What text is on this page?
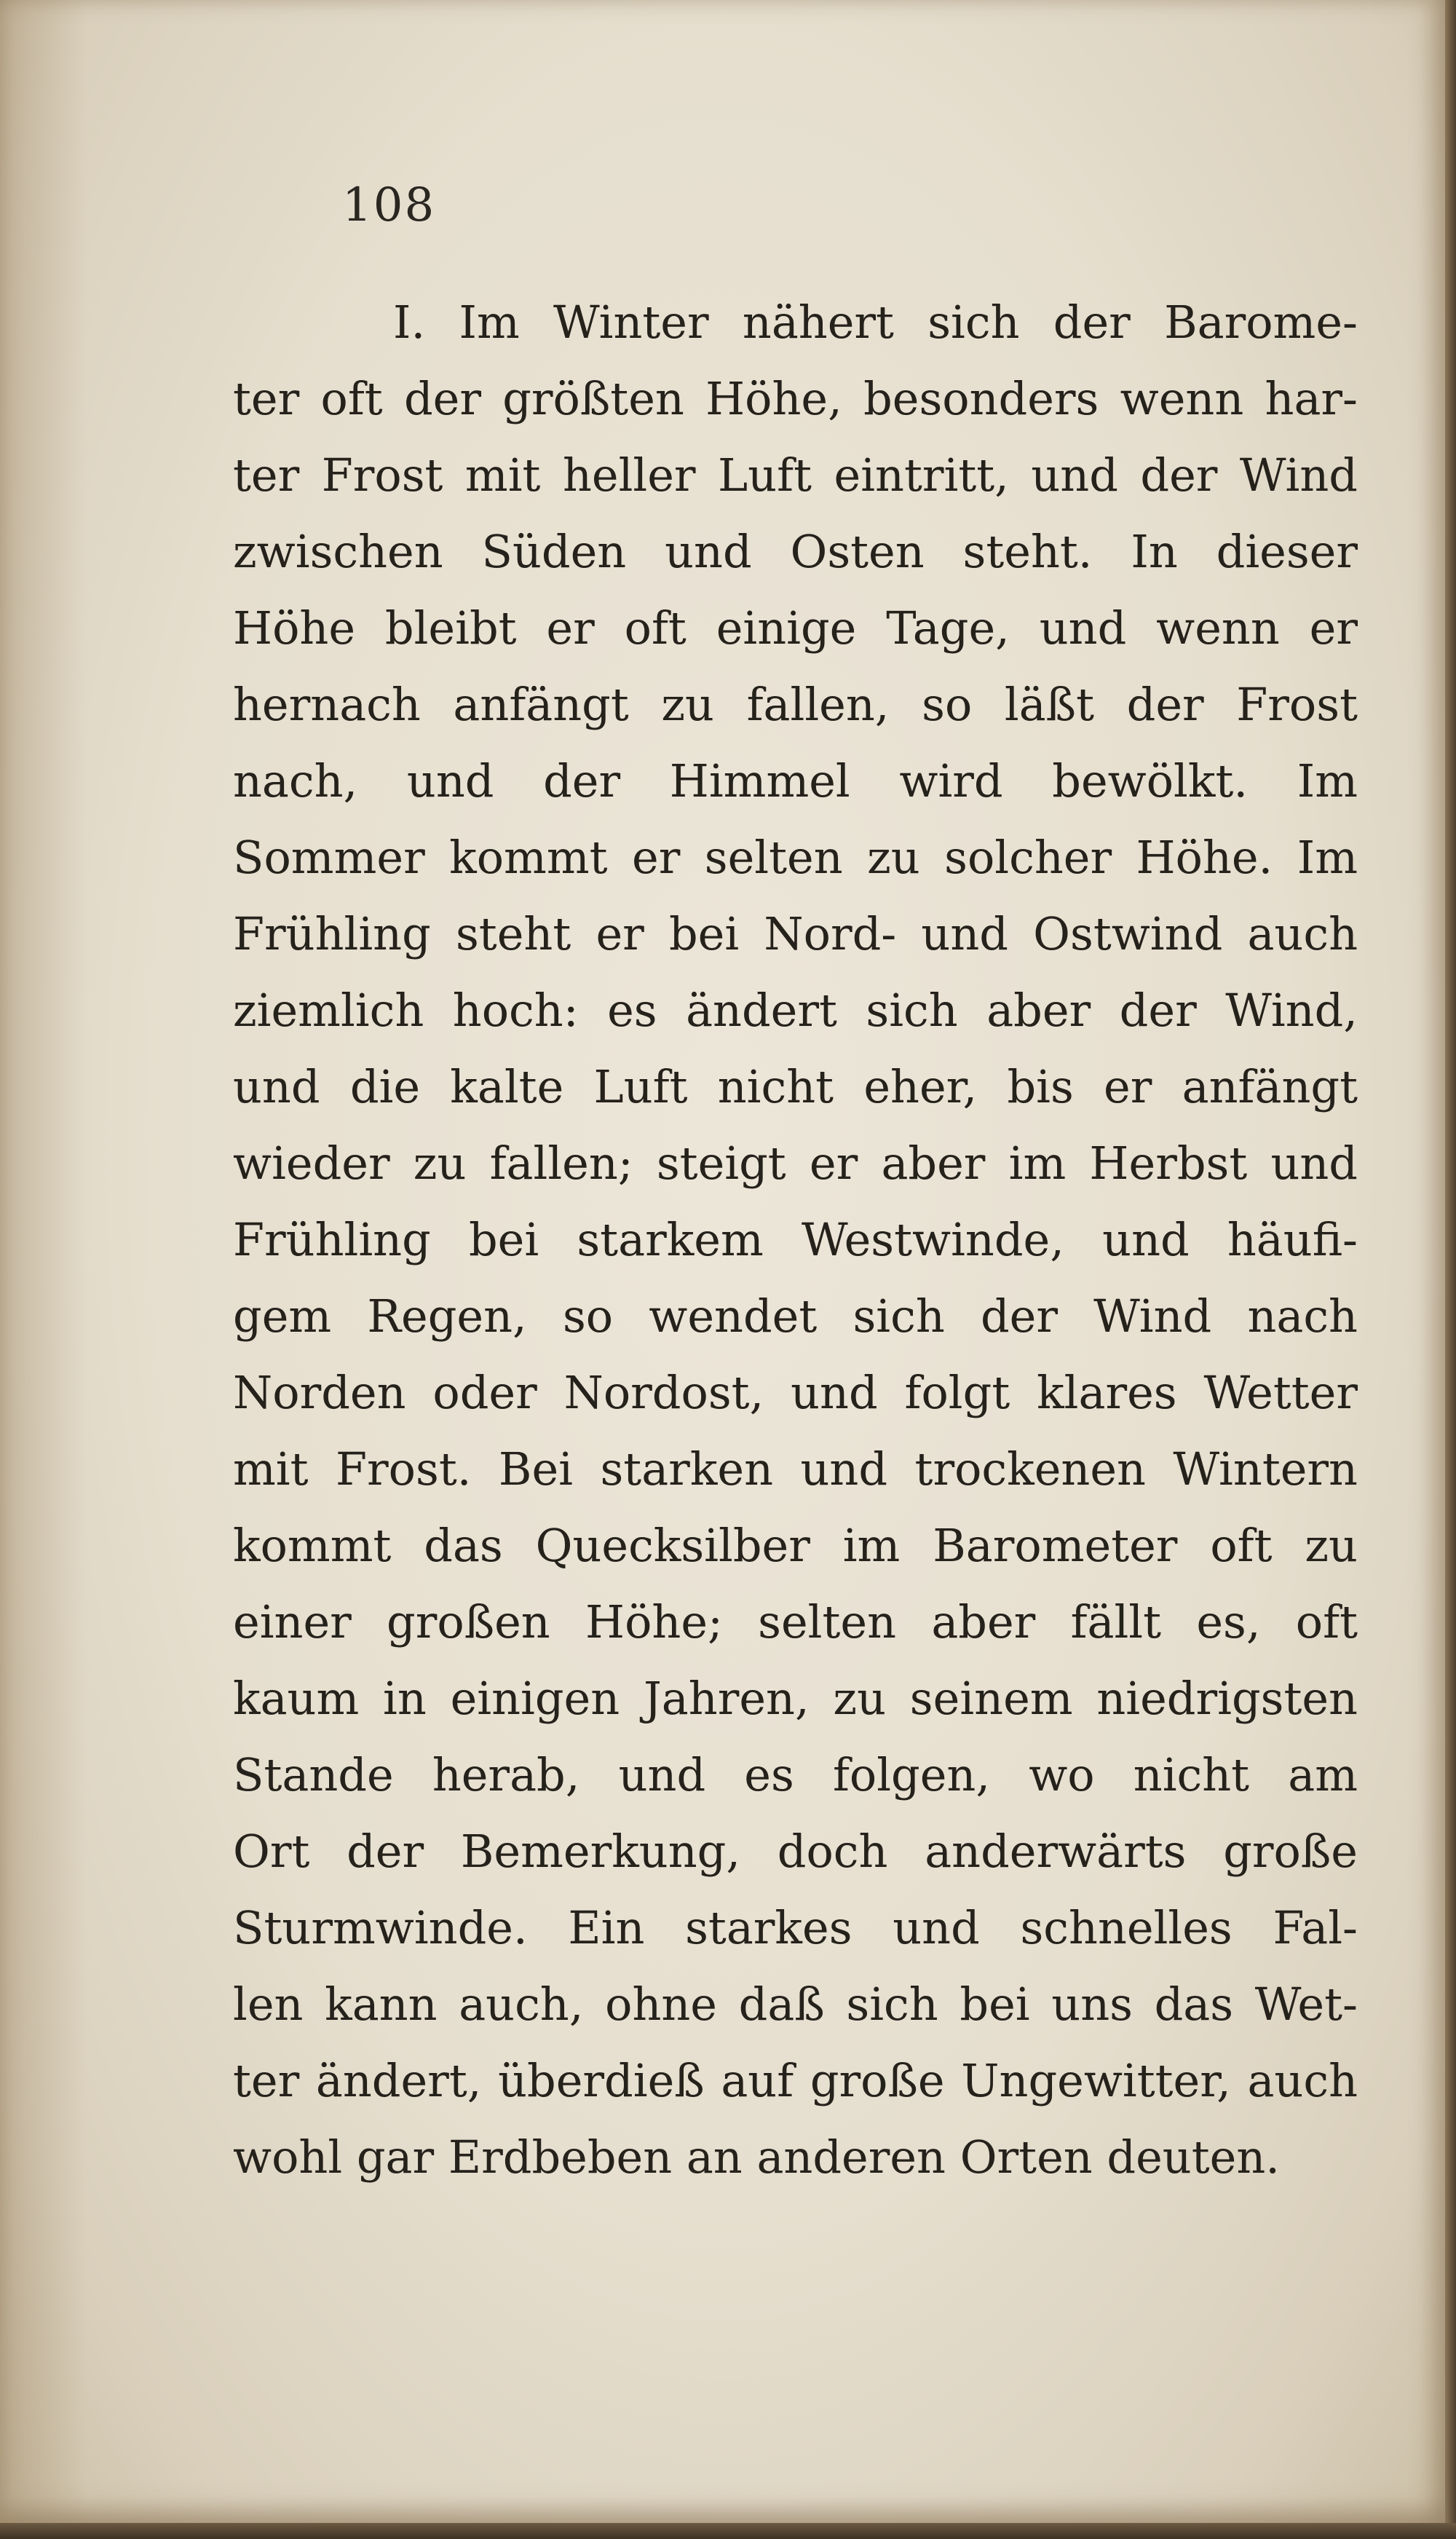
108
I. Im Winter nähert sich der Barome-
ter oft der größten Höhe, besonders wenn har-
ter Frost mit heller Luft eintritt, und der Wind
zwischen Süden und Osten steht. In dieser
Höhe bleibt er oft einige Tage, und wenn er
hernach anfängt zu fallen, so läßt der Frost
nach, und der Himmel wird bewölkt. Im
Sommer kommt er selten zu solcher Höhe. Im
Frühling steht er bei Nord- und Ostwind auch
ziemlich hoch: es ändert sich aber der Wind,
und die kalte Luft nicht eher, bis er anfängt
wieder zu fallen; steigt er aber im Herbst und
Frühling bei starkem Westwinde, und häufi-
gem Regen, so wendet sich der Wind nach
Norden oder Nordost, und folgt klares Wetter
mit Frost. Bei starken und trockenen Wintern
kommt das Quecksilber im Barometer oft zu
einer großen Höhe; selten aber fällt es, oft
kaum in einigen Jahren, zu seinem niedrigsten
Stande herab, und es folgen, wo nicht am
Ort der Bemerkung, doch anderwärts große
Sturmwinde. Ein starkes und schnelles Fal-
len kann auch, ohne daß sich bei uns das Wet-
ter ändert, überdieß auf große Ungewitter, auch
wohl gar Erdbeben an anderen Orten deuten.
